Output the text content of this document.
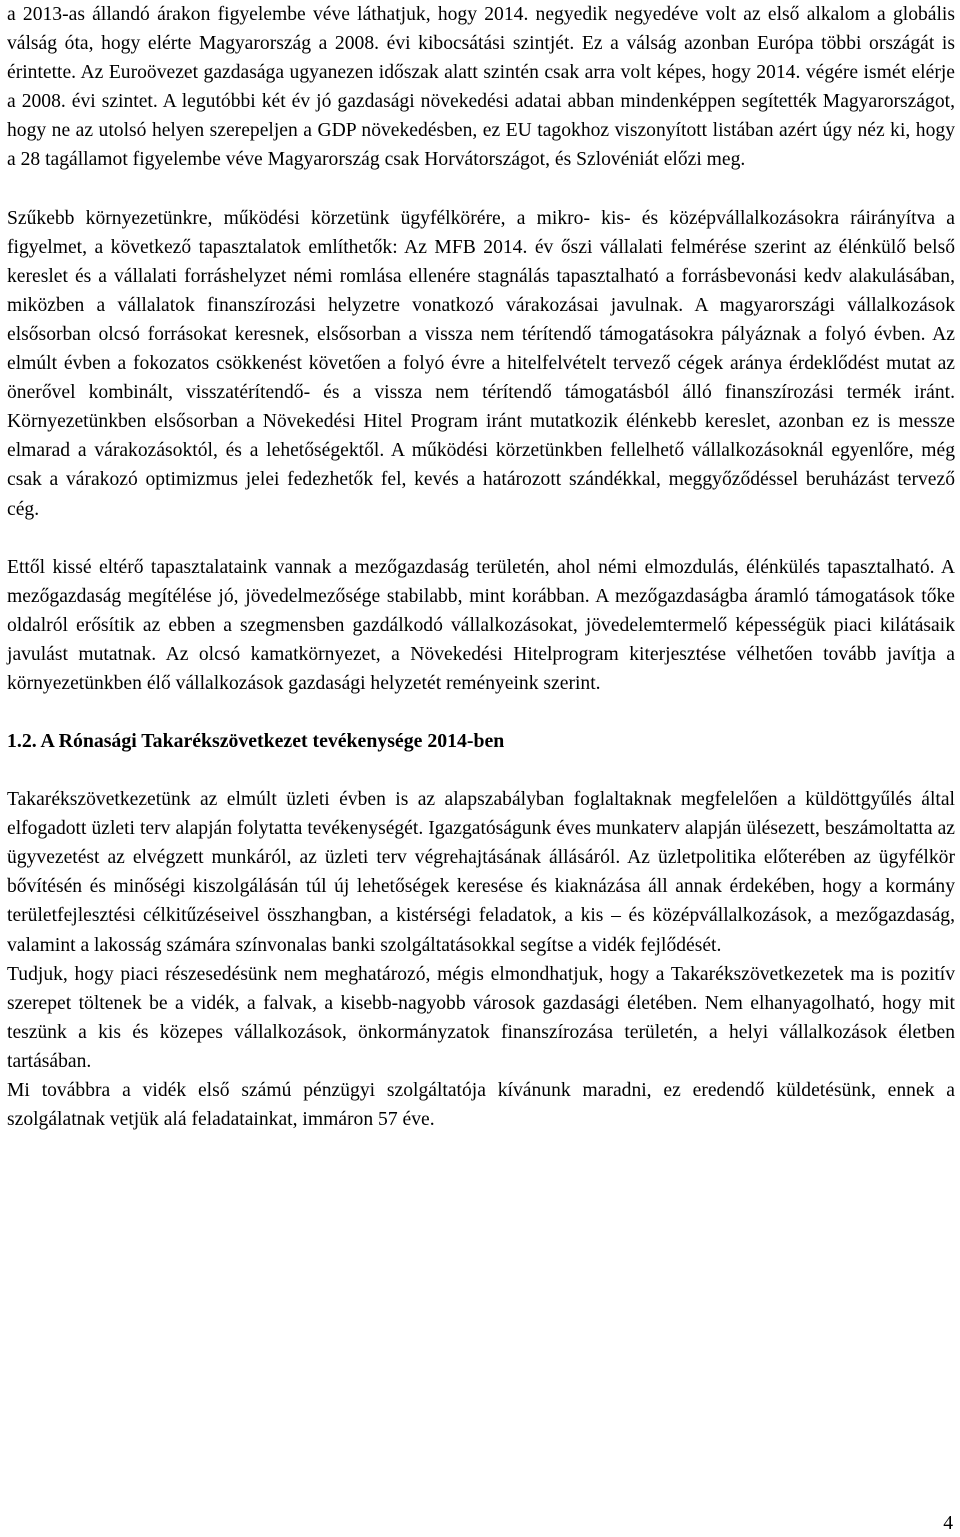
a 2013-as állandó árakon figyelembe véve láthatjuk, hogy 2014. negyedik negyedéve volt az első alkalom a globális válság óta, hogy elérte Magyarország a 2008. évi kibocsátási szintjét. Ez a válság azonban Európa többi országát is érintette. Az Euroövezet gazdasága ugyanezen időszak alatt szintén csak arra volt képes, hogy 2014. végére ismét elérje a 2008. évi szintet. A legutóbbi két év jó gazdasági növekedési adatai abban mindenképpen segítették Magyarországot, hogy ne az utolsó helyen szerepeljen a GDP növekedésben, ez EU tagokhoz viszonyított listában azért úgy néz ki, hogy a 28 tagállamot figyelembe véve Magyarország csak Horvátországot, és Szlovéniát előzi meg.

Szűkebb környezetünkre, működési körzetünk ügyfélkörére, a mikro- kis- és középvállalkozásokra ráirányítva a figyelmet, a következő tapasztalatok említhetők: Az MFB 2014. év őszi vállalati felmérése szerint az élénkülő belső kereslet és a vállalati forráshelyzet némi romlása ellenére stagnálás tapasztalható a forrásbevonási kedv alakulásában, miközben a vállalatok finanszírozási helyzetre vonatkozó várakozásai javulnak. A magyarországi vállalkozások elsősorban olcsó forrásokat keresnek, elsősorban a vissza nem térítendő támogatásokra pályáznak a folyó évben. Az elmúlt évben a fokozatos csökkenést követően a folyó évre a hitelfelvételt tervező cégek aránya érdeklődést mutat az önerővel kombinált, visszatérítendő- és a vissza nem térítendő támogatásból álló finanszírozási termék iránt. Környezetünkben elsősorban a Növekedési Hitel Program iránt mutatkozik élénkebb kereslet, azonban ez is messze elmarad a várakozásoktól, és a lehetőségektől. A működési körzetünkben fellelhető vállalkozásoknál egyenlőre, még csak a várakozó optimizmus jelei fedezhetők fel, kevés a határozott szándékkal, meggyőződéssel beruházást tervező cég.

Ettől kissé eltérő tapasztalataink vannak a mezőgazdaság területén, ahol némi elmozdulás, élénkülés tapasztalható. A mezőgazdaság megítélése jó, jövedelmezősége stabilabb, mint korábban. A mezőgazdaságba áramló támogatások tőke oldalról erősítik az ebben a szegmensben gazdálkodó vállalkozásokat, jövedelemtermelő képességük piaci kilátásaik javulást mutatnak. Az olcsó kamatkörnyezet, a Növekedési Hitelprogram kiterjesztése vélhetően tovább javítja a környezetünkben élő vállalkozások gazdasági helyzetét reményeink szerint.

1.2. A Rónasági Takarékszövetkezet tevékenysége 2014-ben

Takarékszövetkezetünk az elmúlt üzleti évben is az alapszabályban foglaltaknak megfelelően a küldöttgyűlés által elfogadott üzleti terv alapján folytatta tevékenységét. Igazgatóságunk éves munkaterv alapján ülésezett, beszámoltatta az ügyvezetést az elvégzett munkáról, az üzleti terv végrehajtásának állásáról. Az üzletpolitika előterében az ügyfélkör bővítésén és minőségi kiszolgálásán túl új lehetőségek keresése és kiaknázása áll annak érdekében, hogy a kormány területfejlesztési célkitűzéseivel összhangban, a kistérségi feladatok, a kis – és középvállalkozások, a mezőgazdaság, valamint a lakosság számára színvonalas banki szolgáltatásokkal segítse a vidék fejlődését.

Tudjuk, hogy piaci részesedésünk nem meghatározó, mégis elmondhatjuk, hogy a Takarékszövetkezetek ma is pozitív szerepet töltenek be a vidék, a falvak, a kisebb-nagyobb városok gazdasági életében. Nem elhanyagolható, hogy mit teszünk a kis és közepes vállalkozások, önkormányzatok finanszírozása területén, a helyi vállalkozások életben tartásában.

Mi továbbra a vidék első számú pénzügyi szolgáltatója kívánunk maradni, ez eredendő küldetésünk, ennek a szolgálatnak vetjük alá feladatainkat, immáron 57 éve.

4
